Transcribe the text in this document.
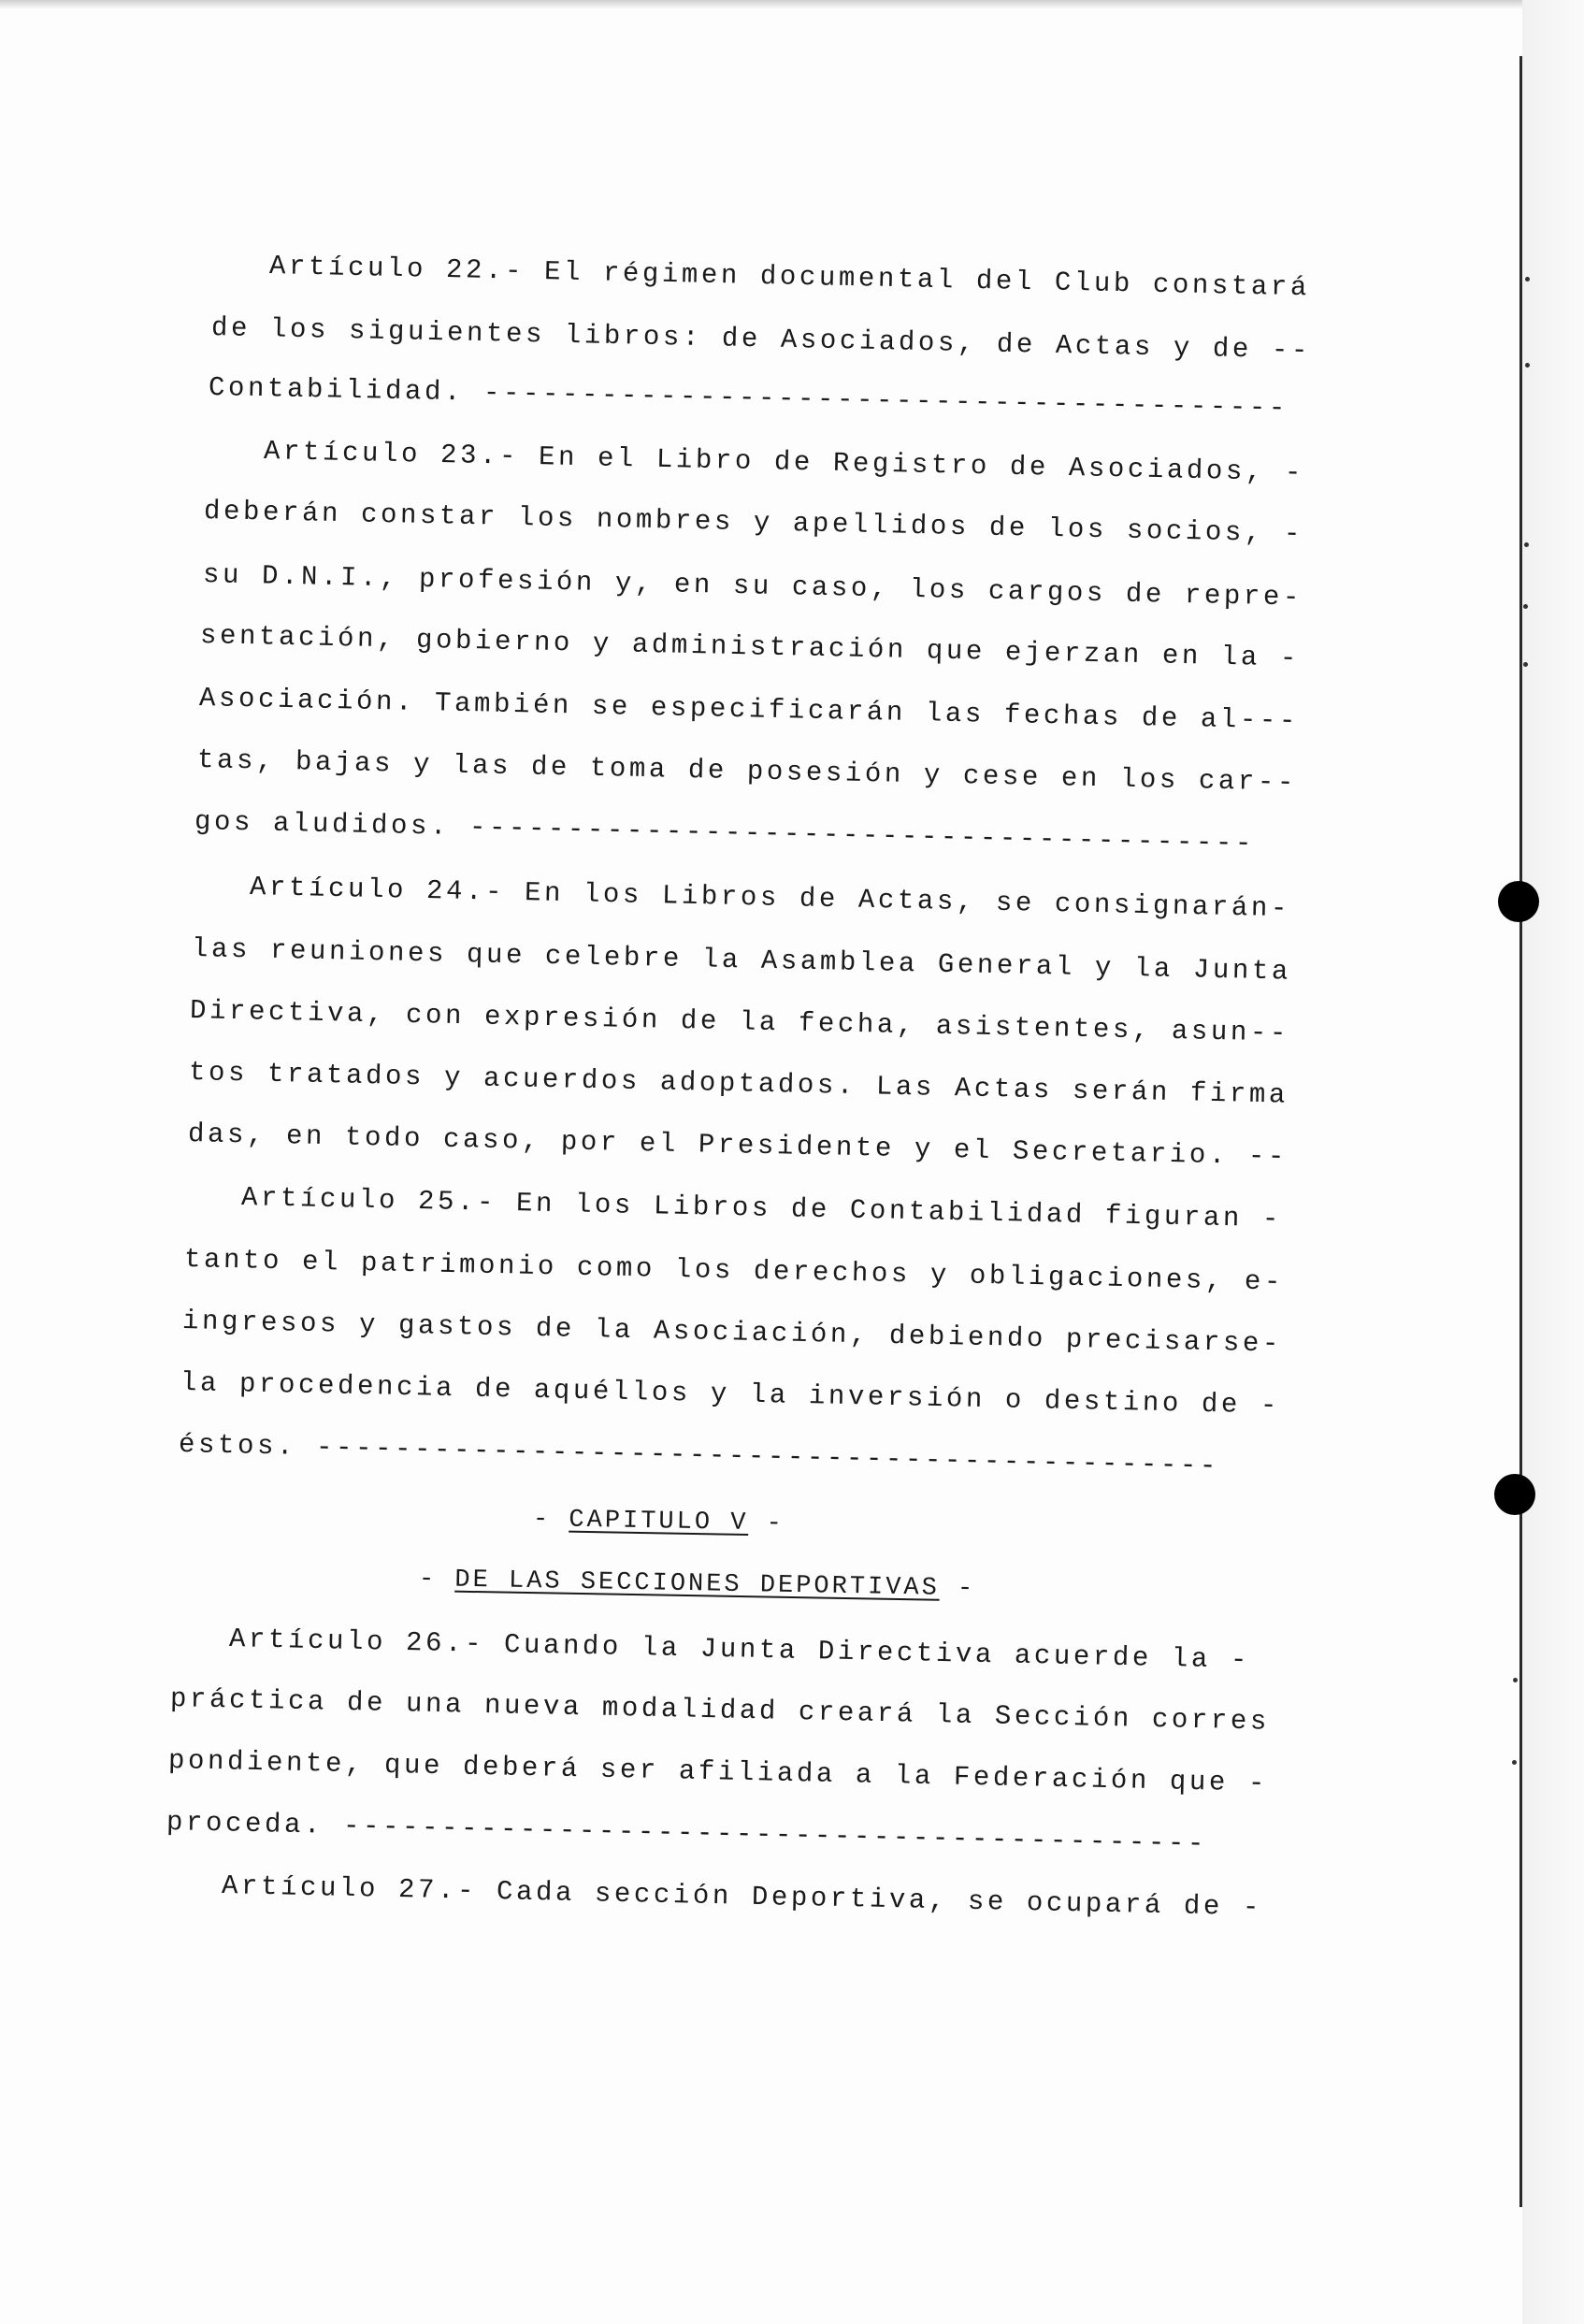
Artículo 22.- El régimen documental del Club constará
de los siguientes libros: de Asociados, de Actas y de --
Contabilidad. -----------------------------------------
Artículo 23.- En el Libro de Registro de Asociados, -
deberán constar los nombres y apellidos de los socios, -
su D.N.I., profesión y, en su caso, los cargos de repre-
sentación, gobierno y administración que ejerzan en la -
Asociación. También se especificarán las fechas de al---
tas, bajas y las de toma de posesión y cese en los car--
gos aludidos. ----------------------------------------
Artículo 24.- En los Libros de Actas, se consignarán-
las reuniones que celebre la Asamblea General y la Junta
Directiva, con expresión de la fecha, asistentes, asun--
tos tratados y acuerdos adoptados. Las Actas serán firma
das, en todo caso, por el Presidente y el Secretario. --
Artículo 25.- En los Libros de Contabilidad figuran -
tanto el patrimonio como los derechos y obligaciones, e-
ingresos y gastos de la Asociación, debiendo precisarse-
la procedencia de aquéllos y la inversión o destino de -
éstos. ----------------------------------------------
- CAPITULO V -
- DE LAS SECCIONES DEPORTIVAS -
Artículo 26.- Cuando la Junta Directiva acuerde la -
práctica de una nueva modalidad creará la Sección corres
pondiente, que deberá ser afiliada a la Federación que -
proceda. --------------------------------------------
Artículo 27.- Cada sección Deportiva, se ocupará de -
